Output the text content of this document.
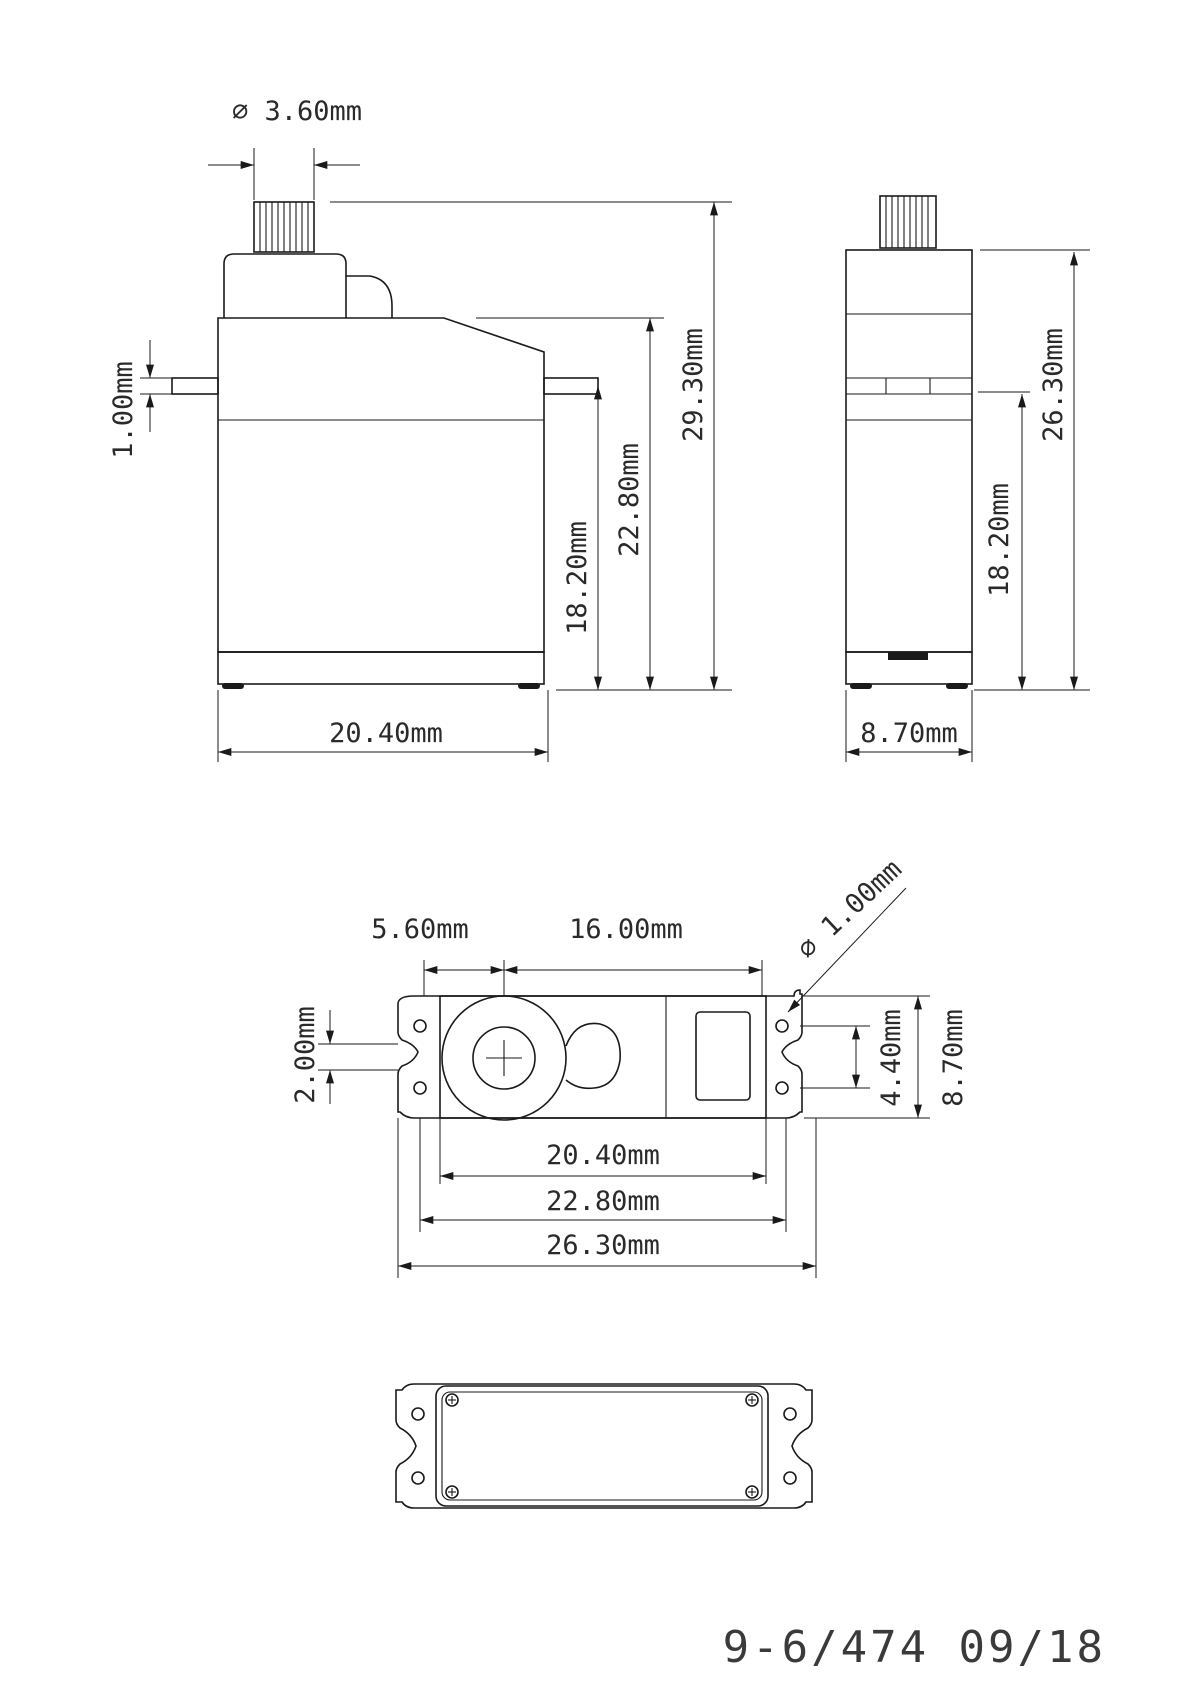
∅ 3.60mm
1.00mm
18.20mm
22.80mm
29.30mm
20.40mm
18.20mm
26.30mm
8.70mm
5.60mm	16.00mm	∅ 1.00mm
2.00mm	4.40mm 8.70mm
20.40mm
22.80mm
26.30mm
9-6/474 09/18
